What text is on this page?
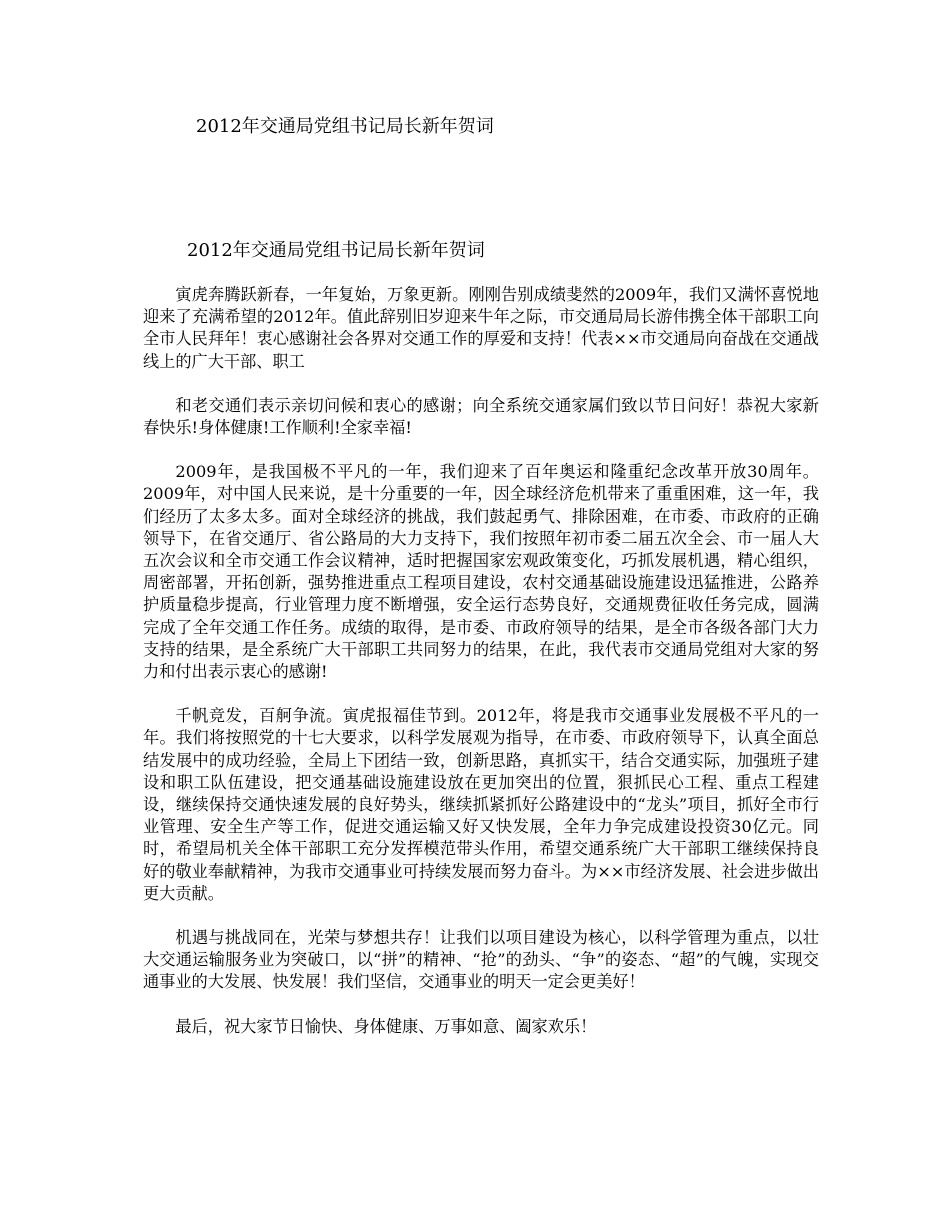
2012年交通局党组书记局长新年贺词
2012年交通局党组书记局长新年贺词

寅虎奔腾跃新春，一年复始，万象更新。刚刚告别成绩斐然的2009年，我们又满怀喜悦地迎来了充满希望的2012年。值此辞别旧岁迎来牛年之际，市交通局局长游伟携全体干部职工向全市人民拜年！衷心感谢社会各界对交通工作的厚爱和支持！代表××市交通局向奋战在交通战线上的广大干部、职工

和老交通们表示亲切问候和衷心的感谢；向全系统交通家属们致以节日问好！恭祝大家新春快乐!身体健康!工作顺利!全家幸福!

2009年，是我国极不平凡的一年，我们迎来了百年奥运和隆重纪念改革开放30周年。2009年，对中国人民来说，是十分重要的一年，因全球经济危机带来了重重困难，这一年，我们经历了太多太多。面对全球经济的挑战，我们鼓起勇气、排除困难，在市委、市政府的正确领导下，在省交通厅、省公路局的大力支持下，我们按照年初市委二届五次全会、市一届人大五次会议和全市交通工作会议精神，适时把握国家宏观政策变化，巧抓发展机遇，精心组织，周密部署，开拓创新，强势推进重点工程项目建设，农村交通基础设施建设迅猛推进，公路养护质量稳步提高，行业管理力度不断增强，安全运行态势良好，交通规费征收任务完成，圆满完成了全年交通工作任务。成绩的取得，是市委、市政府领导的结果，是全市各级各部门大力支持的结果，是全系统广大干部职工共同努力的结果，在此，我代表市交通局党组对大家的努力和付出表示衷心的感谢!

千帆竞发，百舸争流。寅虎报福佳节到。2012年，将是我市交通事业发展极不平凡的一年。我们将按照党的十七大要求，以科学发展观为指导，在市委、市政府领导下，认真全面总结发展中的成功经验，全局上下团结一致，创新思路，真抓实干，结合交通实际，加强班子建设和职工队伍建设，把交通基础设施建设放在更加突出的位置，狠抓民心工程、重点工程建设，继续保持交通快速发展的良好势头，继续抓紧抓好公路建设中的“龙头”项目，抓好全市行业管理、安全生产等工作，促进交通运输又好又快发展，全年力争完成建设投资30亿元。同时，希望局机关全体干部职工充分发挥模范带头作用，希望交通系统广大干部职工继续保持良好的敬业奉献精神，为我市交通事业可持续发展而努力奋斗。为××市经济发展、社会进步做出更大贡献。

机遇与挑战同在，光荣与梦想共存！让我们以项目建设为核心，以科学管理为重点，以壮大交通运输服务业为突破口，以“拼”的精神、“抢”的劲头、“争”的姿态、“超”的气魄，实现交通事业的大发展、快发展！我们坚信，交通事业的明天一定会更美好！

最后，祝大家节日愉快、身体健康、万事如意、阖家欢乐！
